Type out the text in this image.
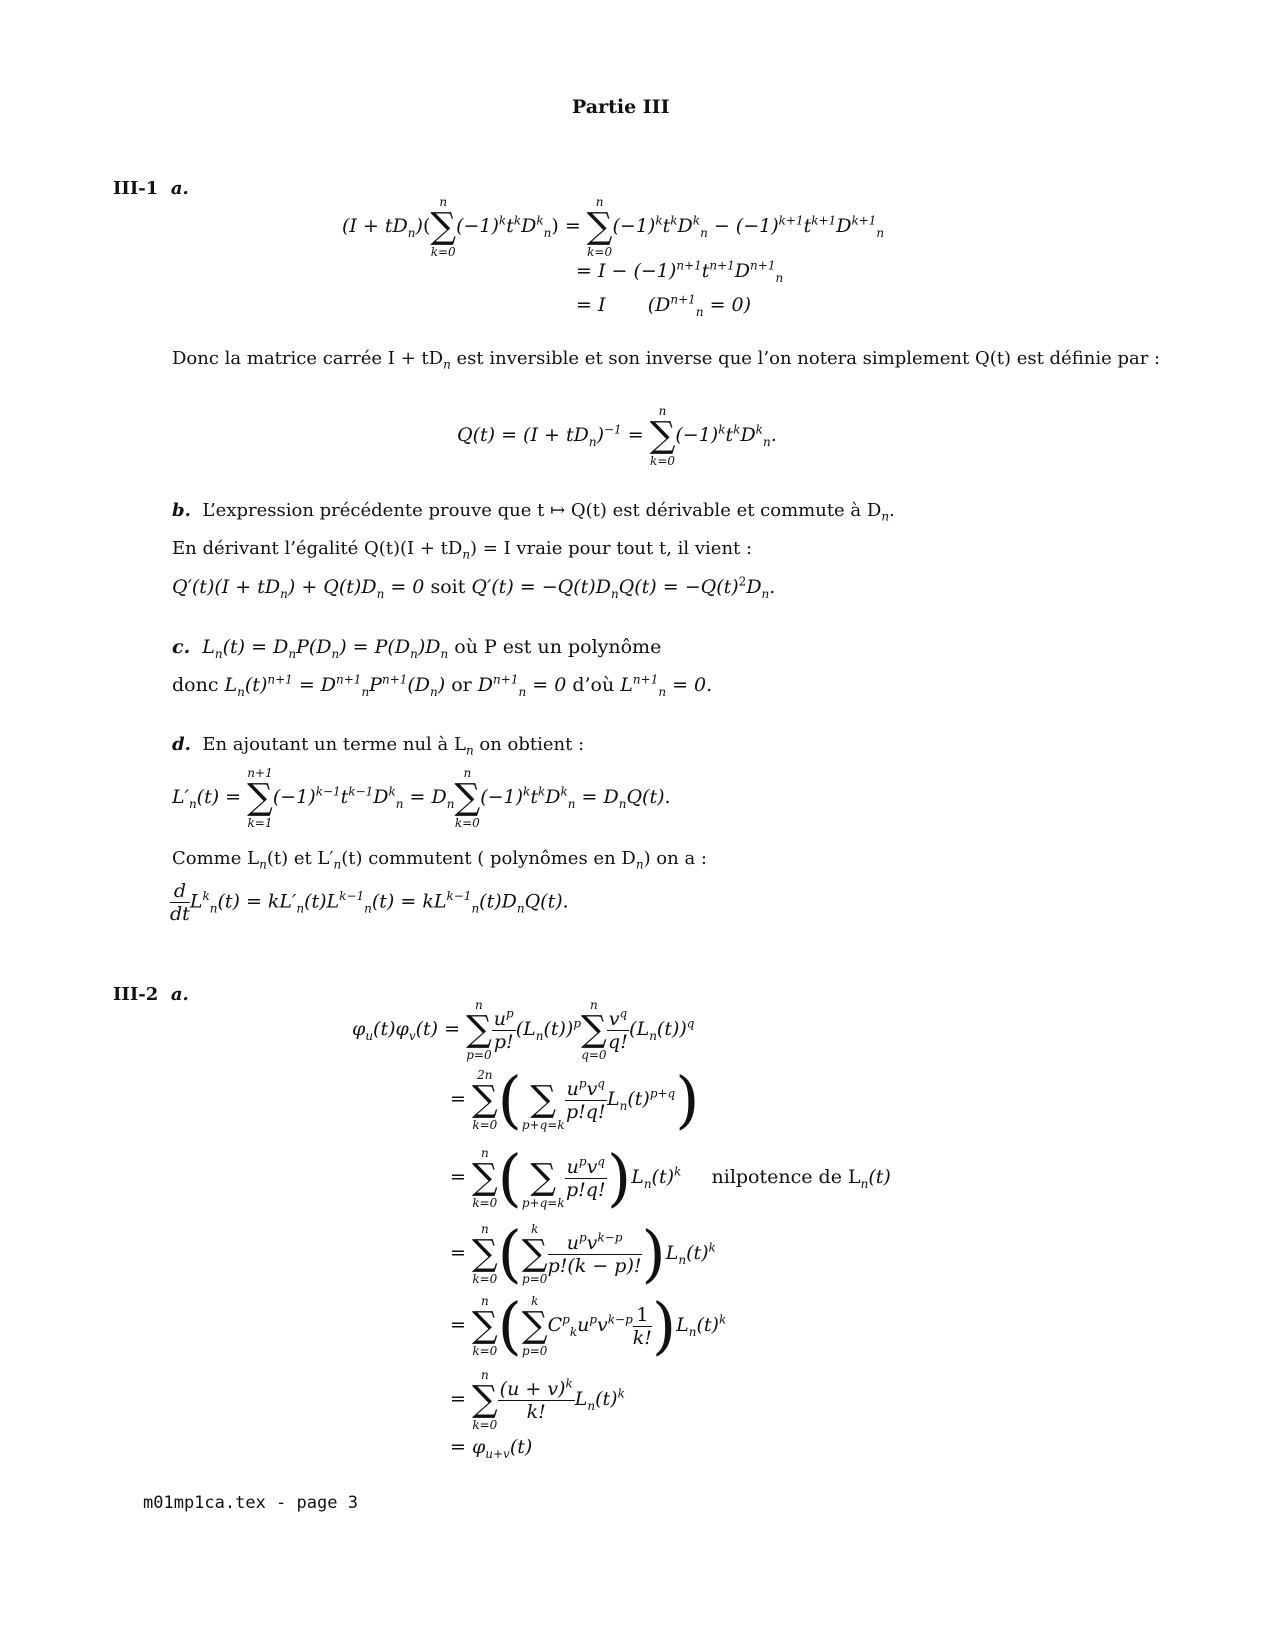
Partie III
III-1 a.
$(I + tD_n)$(
n
∑
k=0
$(-1)^kt^kD^k_n$) =
n
∑
k=0
$(-1)^kt^kD^k_n - (-1)^{k+1}t^{k+1}D^{k+1}_n$
= $I - (-1)^{n+1}t^{n+1}D^{n+1}_n$
= I       $(D^{n+1}_n = 0)$
Donc la matrice carrée $I + tD_n$ est inversible et son inverse que l’on notera simplement Q(t) est définie par :
$Q(t) = (I + tD_n)^{-1}$ =
n
∑
k=0
$(-1)^kt^kD^k_n$.
b. L’expression précédente prouve que t ↦ Q(t) est dérivable et commute à $D_n$.
En dérivant l’égalité $Q(t)(I + tD_n) = I$ vraie pour tout t, il vient :
$Q'(t)(I + tD_n) + Q(t)D_n = 0$ soit $Q'(t) = -Q(t)D_nQ(t) = -Q(t)^2D_n$.
c.  $L_n(t) = D_nP(D_n) = P(D_n)D_n$ où P est un polynôme
donc $L_n(t)^{n+1} = D^{n+1}_nP^{n+1}(D_n)$ or $D^{n+1}_n = 0$ d’où $L^{n+1}_n = 0$.
d. En ajoutant un terme nul à $L_n$ on obtient :
$L'_n(t)$ =
n+1
∑
k=1
$(-1)^{k-1}t^{k-1}D^k_n = D_n$
n
∑
k=0
$(-1)^kt^kD^k_n = D_nQ(t)$.
Comme $L_n(t)$ et $L'_n(t)$ commutent ( polynômes en $D_n$) on a :
$\frac{d}{dt} L^k_n(t) = kL'_n(t)L^{k-1}_n(t) = kL^{k-1}_n(t)D_nQ(t)$.
III-2 a.
$\varphi_u(t)\varphi_v(t)$ =
n
∑
p=0
$\frac{u^p}{p!} (L_n(t))^p$
n
∑
q=0
$\frac{v^q}{q!} (L_n(t))^q$
=
2n
∑
k=0 (
∑
p+q=k
$\frac{u^pv^q}{p!q!} L_n(t)^{p+q}$)
=
n
∑
k=0 (
∑
p+q=k
$\frac{u^pv^q}{p!q!} )L_n(t)^k$ nilpotence de $L_n(t)$
=
n
∑
k=0 ( k
∑
p=0
$\frac{u^pv^{k-p}}{p!(k - p)!} )L_n(t)^k$
=
n
∑
k=0 ( k
∑
p=0
$C^p_ku^pv^{k-p} \frac{1}{k!} )L_n(t)^k$
=
n
∑
k=0
$\frac{(u + v)^k}{k!} L_n(t)^k$
= $\varphi_{u+v}(t)$
m01mp1ca.tex - page 3
